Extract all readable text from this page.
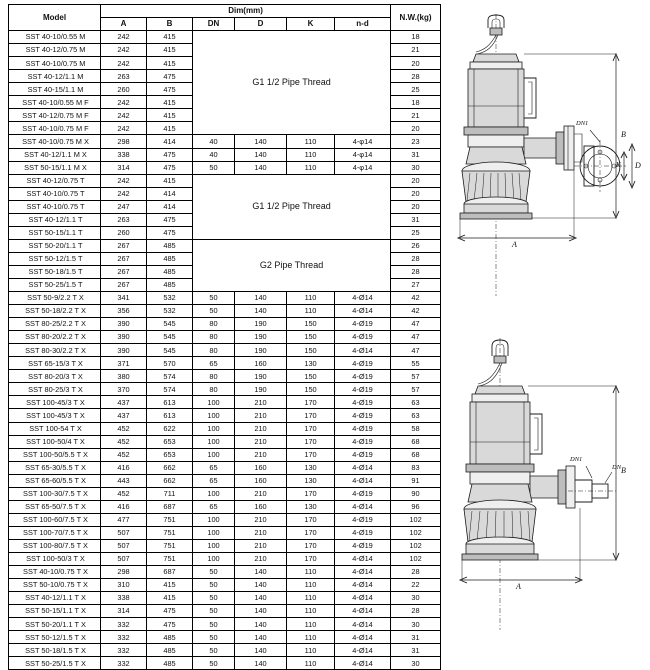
Model	Dim(mm)						N.W.(kg)
	A	B	DN	D	K	n-d	
SST 40-10/0.55 M	242	415	G1 1/2 Pipe Thread				18
SST 40-12/0.75 M	242	415					21
SST 40-10/0.75 M	242	415					20
SST 40-12/1.1 M	263	475					28
SST 40-15/1.1 M	260	475					25
SST 40-10/0.55 M F	242	415					18
SST 40-12/0.75 M F	242	415					21
SST 40-10/0.75 M F	242	415					20
SST 40-10/0.75 M X	298	414	40	140	110	4-φ14	23
SST 40-12/1.1 M X	338	475	40	140	110	4-φ14	31
SST 50-15/1.1 M X	314	475	50	140	110	4-φ14	30
SST 40-12/0.75 T	242	415	G1 1/2 Pipe Thread				20
SST 40-10/0.75 T	242	414					20
SST 40-10/0.75 T	247	414					20
SST 40-12/1.1 T	263	475					31
SST 50-15/1.1 T	260	475					25
SST 50-20/1.1 T	267	485	G2 Pipe Thread				26
SST 50-12/1.5 T	267	485					28
SST 50-18/1.5 T	267	485					28
SST 50-25/1.5 T	267	485					27
SST 50-9/2.2 T X	341	532	50	140	110	4-Ø14	42
SST 50-18/2.2 T X	356	532	50	140	110	4-Ø14	42
SST 80-25/2.2 T X	390	545	80	190	150	4-Ø19	47
SST 80-20/2.2 T X	390	545	80	190	150	4-Ø19	47
SST 80-30/2.2 T X	390	545	80	190	150	4-Ø14	47
SST 65-15/3 T X	371	570	65	160	130	4-Ø19	55
SST 80-20/3 T X	380	574	80	190	150	4-Ø19	57
SST 80-25/3 T X	370	574	80	190	150	4-Ø19	57
SST 100-45/3 T X	437	613	100	210	170	4-Ø19	63
SST 100-45/3 T X	437	613	100	210	170	4-Ø19	63
SST 100-54 T X	452	622	100	210	170	4-Ø19	58
SST 100-50/4 T X	452	653	100	210	170	4-Ø19	68
SST 100-50/5.5 T X	452	653	100	210	170	4-Ø19	68
SST 65-30/5.5 T X	416	662	65	160	130	4-Ø14	83
SST 65-60/5.5 T X	443	662	65	160	130	4-Ø14	91
SST 100-30/7.5 T X	452	711	100	210	170	4-Ø19	90
SST 65-50/7.5 T X	416	687	65	160	130	4-Ø14	96
SST 100-60/7.5 T X	477	751	100	210	170	4-Ø19	102
SST 100-70/7.5 T X	507	751	100	210	170	4-Ø19	102
SST 100-80/7.5 T X	507	751	100	210	170	4-Ø19	102
SST 100-50/3 T X	507	751	100	210	170	4-Ø14	102
SST 40-10/0.75 T X	298	687	50	140	110	4-Ø14	28
SST 50-10/0.75 T X	310	415	50	140	110	4-Ø14	22
SST 40-12/1.1 T X	338	415	50	140	110	4-Ø14	30
SST 50-15/1.1 T X	314	475	50	140	110	4-Ø14	28
SST 50-20/1.1 T X	332	475	50	140	110	4-Ø14	30
SST 50-12/1.5 T X	332	485	50	140	110	4-Ø14	31
SST 50-18/1.5 T X	332	485	50	140	110	4-Ø14	31
SST 50-25/1.5 T X	332	485	50	140	110	4-Ø14	30
B
A
DN1
D
K
B
A
DN1
DN
